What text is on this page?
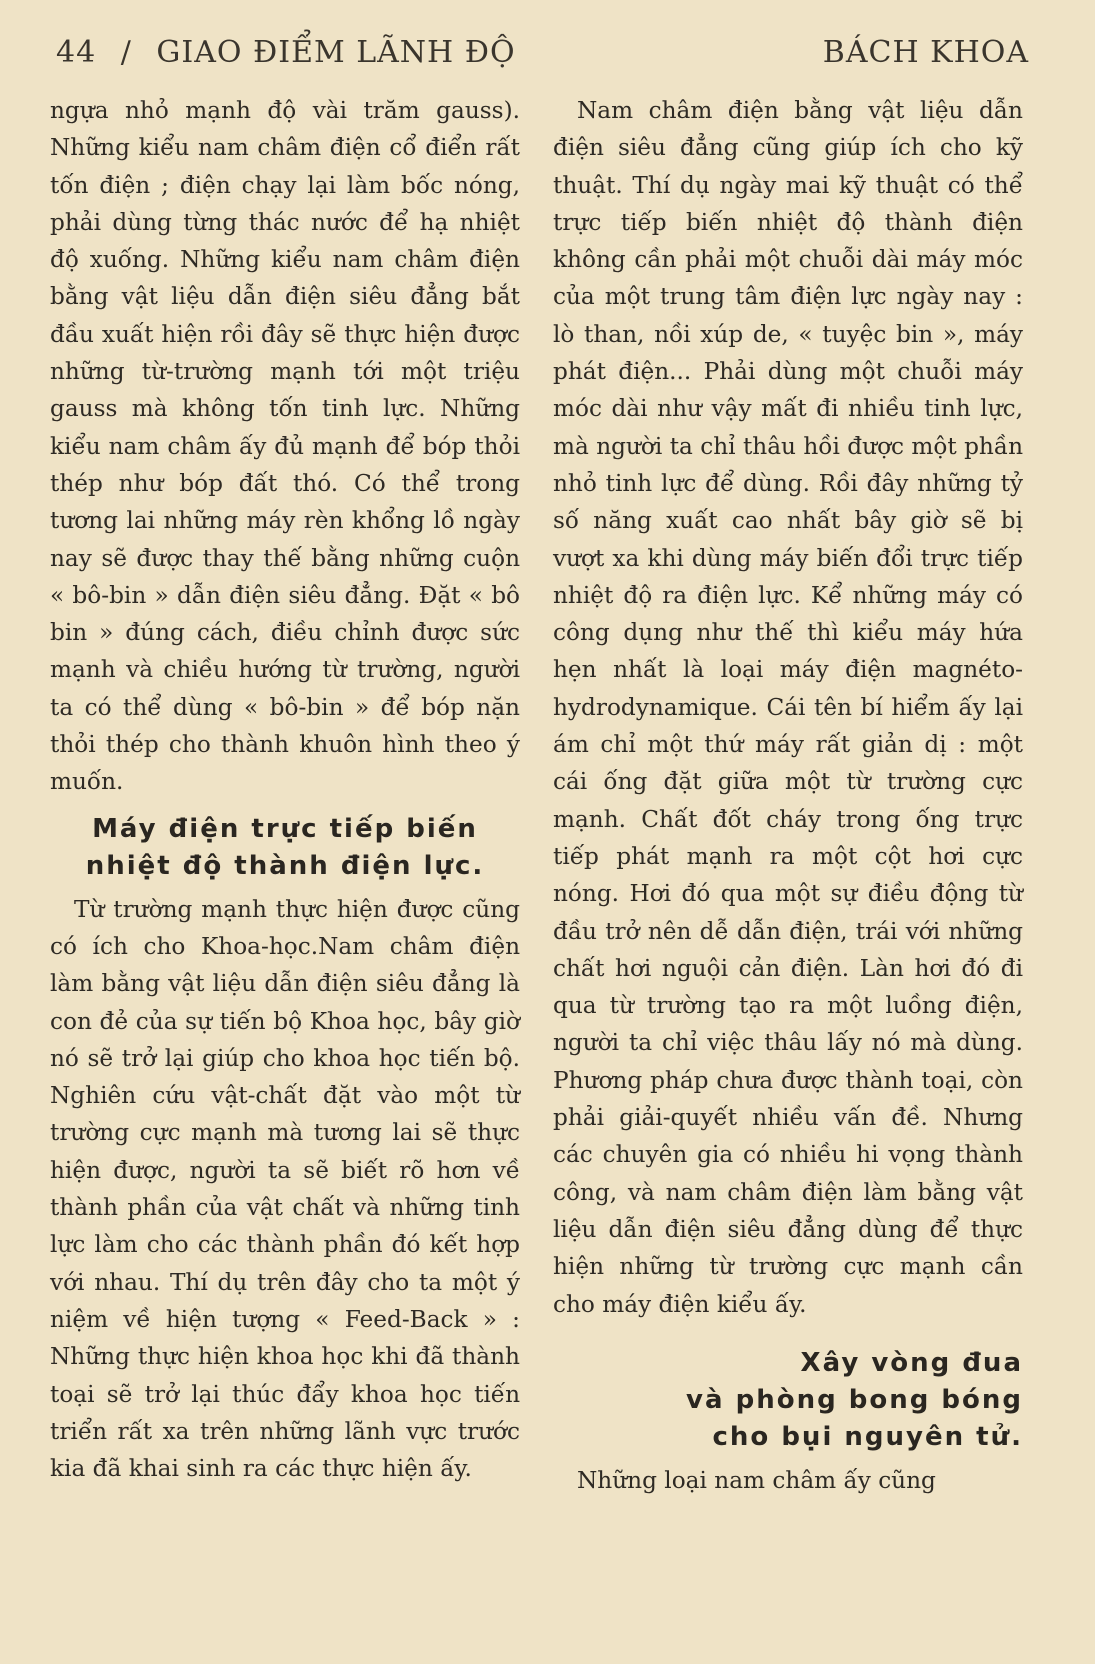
44 / GIAO ĐIỂM LÃNH ĐỘ	BÁCH KHOA

ngựa nhỏ mạnh độ vài trăm gauss). Những kiểu nam châm điện cổ điển rất tốn điện ; điện chạy lại làm bốc nóng, phải dùng từng thác nước để hạ nhiệt độ xuống. Những kiểu nam châm điện bằng vật liệu dẫn điện siêu đẳng bắt đầu xuất hiện rồi đây sẽ thực hiện được những từ-trường mạnh tới một triệu gauss mà không tốn tinh lực. Những kiểu nam châm ấy đủ mạnh để bóp thỏi thép như bóp đất thó. Có thể trong tương lai những máy rèn khổng lồ ngày nay sẽ được thay thế bằng những cuộn « bô-bin » dẫn điện siêu đẳng. Đặt « bô bin » đúng cách, điều chỉnh được sức mạnh và chiều hướng từ trường, người ta có thể dùng « bô-bin » để bóp nặn thỏi thép cho thành khuôn hình theo ý muốn.

Máy điện trực tiếp biến
nhiệt độ thành điện lực.

Từ trường mạnh thực hiện được cũng có ích cho Khoa-học.Nam châm điện làm bằng vật liệu dẫn điện siêu đẳng là con đẻ của sự tiến bộ Khoa học, bây giờ nó sẽ trở lại giúp cho khoa học tiến bộ. Nghiên cứu vật-chất đặt vào một từ trường cực mạnh mà tương lai sẽ thực hiện được, người ta sẽ biết rõ hơn về thành phần của vật chất và những tinh lực làm cho các thành phần đó kết hợp với nhau. Thí dụ trên đây cho ta một ý niệm về hiện tượng « Feed-Back » : Những thực hiện khoa học khi đã thành toại sẽ trở lại thúc đẩy khoa học tiến triển rất xa trên những lãnh vực trước kia đã khai sinh ra các thực hiện ấy.

Nam châm điện bằng vật liệu dẫn điện siêu đẳng cũng giúp ích cho kỹ thuật. Thí dụ ngày mai kỹ thuật có thể trực tiếp biến nhiệt độ thành điện không cần phải một chuỗi dài máy móc của một trung tâm điện lực ngày nay : lò than, nồi xúp de, « tuyệc bin », máy phát điện... Phải dùng một chuỗi máy móc dài như vậy mất đi nhiều tinh lực, mà người ta chỉ thâu hồi được một phần nhỏ tinh lực để dùng. Rồi đây những tỷ số năng xuất cao nhất bây giờ sẽ bị vượt xa khi dùng máy biến đổi trực tiếp nhiệt độ ra điện lực. Kể những máy có công dụng như thế thì kiểu máy hứa hẹn nhất là loại máy điện magnéto-hydrodynamique. Cái tên bí hiểm ấy lại ám chỉ một thứ máy rất giản dị : một cái ống đặt giữa một từ trường cực mạnh. Chất đốt cháy trong ống trực tiếp phát mạnh ra một cột hơi cực nóng. Hơi đó qua một sự điều động từ đầu trở nên dễ dẫn điện, trái với những chất hơi nguội cản điện. Làn hơi đó đi qua từ trường tạo ra một luồng điện, người ta chỉ việc thâu lấy nó mà dùng. Phương pháp chưa được thành toại, còn phải giải-quyết nhiều vấn đề. Nhưng các chuyên gia có nhiều hi vọng thành công, và nam châm điện làm bằng vật liệu dẫn điện siêu đẳng dùng để thực hiện những từ trường cực mạnh cần cho máy điện kiểu ấy.

Xây vòng đua
và phòng bong bóng
cho bụi nguyên tử.

Những loại nam châm ấy cũng
